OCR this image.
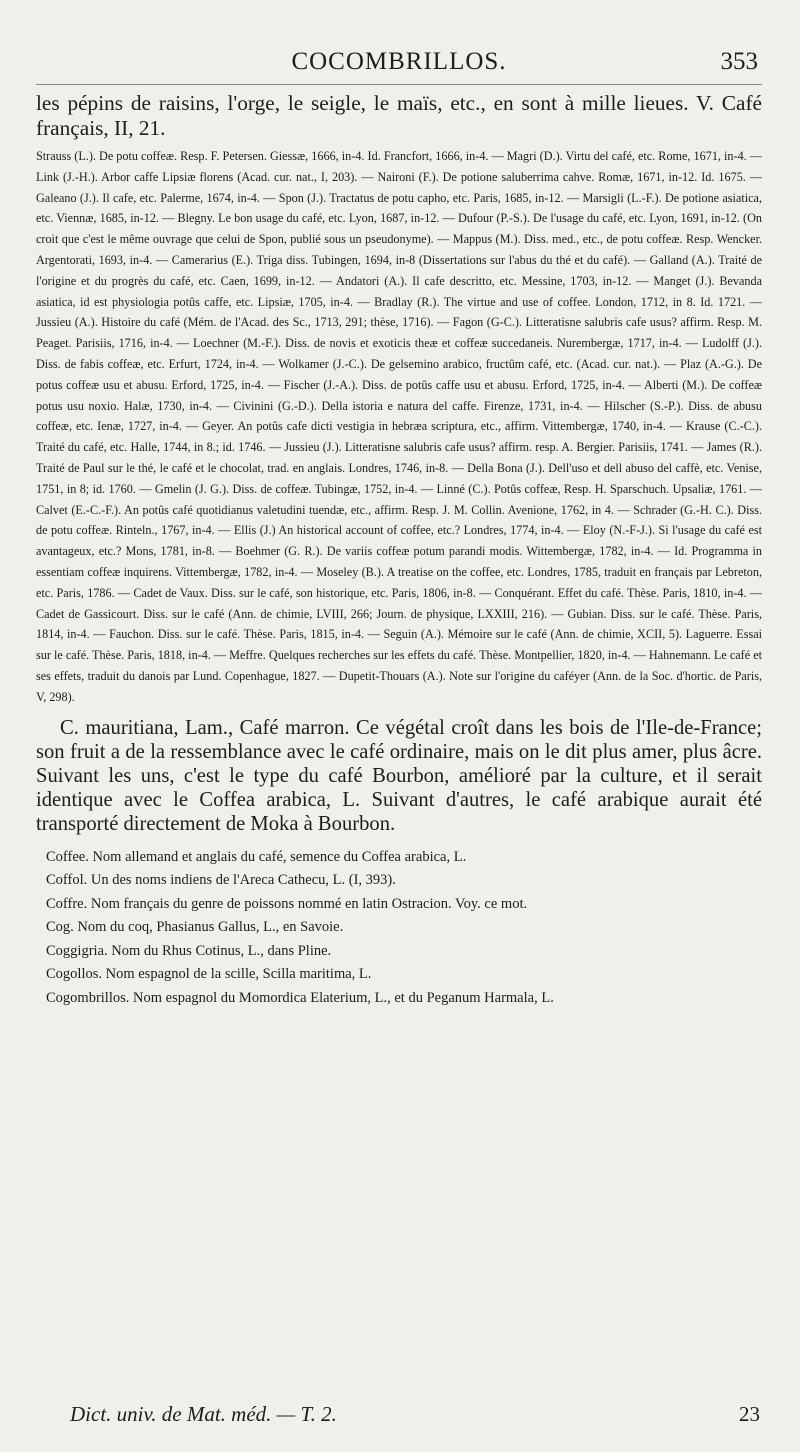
COCOMBRILLOS.	353

les pépins de raisins, l'orge, le seigle, le maïs, etc., en sont à mille lieues. V. Café français, II, 21.

Strauss (L.). De potu coffeæ. Resp. F. Petersen. Giessæ, 1666, in-4. Id. Francfort, 1666, in-4. — Magri (D.). Virtu del café, etc. Rome, 1671, in-4. — Link (J.-H.). Arbor caffe Lipsiæ florens (Acad. cur. nat., I, 203). — Naironi (F.). De potione saluberrima cahve. Romæ, 1671, in-12. Id. 1675. — Galeano (J.). Il cafe, etc. Palerme, 1674, in-4. — Spon (J.). Tractatus de potu capho, etc. Paris, 1685, in-12. — Marsigli (L.-F.). De potione asiatica, etc. Viennæ, 1685, in-12. — Blegny. Le bon usage du café, etc. Lyon, 1687, in-12. — Dufour (P.-S.). De l'usage du café, etc. Lyon, 1691, in-12. (On croit que c'est le même ouvrage que celui de Spon, publié sous un pseudonyme). — Mappus (M.). Diss. med., etc., de potu coffeæ. Resp. Wencker. Argentorati, 1693, in-4. — Camerarius (E.). Triga diss. Tubingen, 1694, in-8 (Dissertations sur l'abus du thé et du café). — Galland (A.). Traité de l'origine et du progrès du café, etc. Caen, 1699, in-12. — Andatori (A.). Il cafe descritto, etc. Messine, 1703, in-12. — Manget (J.). Bevanda asiatica, id est physiologia potûs caffe, etc. Lipsiæ, 1705, in-4. — Bradlay (R.). The virtue and use of coffee. London, 1712, in 8. Id. 1721. — Jussieu (A.). Histoire du café (Mém. de l'Acad. des Sc., 1713, 291; thèse, 1716). — Fagon (G-C.). Litteratisne salubris cafe usus? affirm. Resp. M. Peaget. Parisiis, 1716, in-4. — Loechner (M.-F.). Diss. de novis et exoticis theæ et coffeæ succedaneis. Nurembergæ, 1717, in-4. — Ludolff (J.). Diss. de fabis coffeæ, etc. Erfurt, 1724, in-4. — Wolkamer (J.-C.). De gelsemino arabico, fructûm café, etc. (Acad. cur. nat.). — Plaz (A.-G.). De potus coffeæ usu et abusu. Erford, 1725, in-4. — Fischer (J.-A.). Diss. de potûs caffe usu et abusu. Erford, 1725, in-4. — Alberti (M.). De coffeæ potus usu noxio. Halæ, 1730, in-4. — Civinini (G.-D.). Della istoria e natura del caffe. Firenze, 1731, in-4. — Hilscher (S.-P.). Diss. de abusu coffeæ, etc. Ienæ, 1727, in-4. — Geyer. An potûs cafe dicti vestigia in hebræa scriptura, etc., affirm. Vittembergæ, 1740, in-4. — Krause (C.-C.). Traité du café, etc. Halle, 1744, in 8.; id. 1746. — Jussieu (J.). Litteratisne salubris cafe usus? affirm. resp. A. Bergier. Parisiis, 1741. — James (R.). Traité de Paul sur le thé, le café et le chocolat, trad. en anglais. Londres, 1746, in-8. — Della Bona (J.). Dell'uso et dell abuso del caffè, etc. Venise, 1751, in 8; id. 1760. — Gmelin (J. G.). Diss. de coffeæ. Tubingæ, 1752, in-4. — Linné (C.). Potûs coffeæ, Resp. H. Sparschuch. Upsaliæ, 1761. — Calvet (E.-C.-F.). An potûs café quotidianus valetudini tuendæ, etc., affirm. Resp. J. M. Collin. Avenione, 1762, in 4. — Schrader (G.-H. C.). Diss. de potu coffeæ. Rinteln., 1767, in-4. — Ellis (J.) An historical account of coffee, etc.? Londres, 1774, in-4. — Eloy (N.-F-J.). Si l'usage du café est avantageux, etc.? Mons, 1781, in-8. — Boehmer (G. R.). De variis coffeæ potum parandi modis. Wittembergæ, 1782, in-4. — Id. Programma in essentiam coffeæ inquirens. Vittembergæ, 1782, in-4. — Moseley (B.). A treatise on the coffee, etc. Londres, 1785, traduit en français par Lebreton, etc. Paris, 1786. — Cadet de Vaux. Diss. sur le café, son historique, etc. Paris, 1806, in-8. — Conquérant. Effet du café. Thèse. Paris, 1810, in-4. — Cadet de Gassicourt. Diss. sur le café (Ann. de chimie, LVIII, 266; Journ. de physique, LXXIII, 216). — Gubian. Diss. sur le café. Thèse. Paris, 1814, in-4. — Fauchon. Diss. sur le café. Thèse. Paris, 1815, in-4. — Seguin (A.). Mémoire sur le café (Ann. de chimie, XCII, 5). Laguerre. Essai sur le café. Thèse. Paris, 1818, in-4. — Meffre. Quelques recherches sur les effets du café. Thèse. Montpellier, 1820, in-4. — Hahnemann. Le café et ses effets, traduit du danois par Lund. Copenhague, 1827. — Dupetit-Thouars (A.). Note sur l'origine du caféyer (Ann. de la Soc. d'hortic. de Paris, V, 298).

C. mauritiana, Lam., Café marron. Ce végétal croît dans les bois de l'Ile-de-France; son fruit a de la ressemblance avec le café ordinaire, mais on le dit plus amer, plus âcre. Suivant les uns, c'est le type du café Bourbon, amélioré par la culture, et il serait identique avec le Coffea arabica, L. Suivant d'autres, le café arabique aurait été transporté directement de Moka à Bourbon.

Coffee. Nom allemand et anglais du café, semence du Coffea arabica, L.

Coffol. Un des noms indiens de l'Areca Cathecu, L. (I, 393).

Coffre. Nom français du genre de poissons nommé en latin Ostracion. Voy. ce mot.

Cog. Nom du coq, Phasianus Gallus, L., en Savoie.

Coggigria. Nom du Rhus Cotinus, L., dans Pline.

Cogollos. Nom espagnol de la scille, Scilla maritima, L.

Cogombrillos. Nom espagnol du Momordica Elaterium, L., et du Peganum Harmala, L.

Dict. univ. de Mat. méd. — T. 2.	23
